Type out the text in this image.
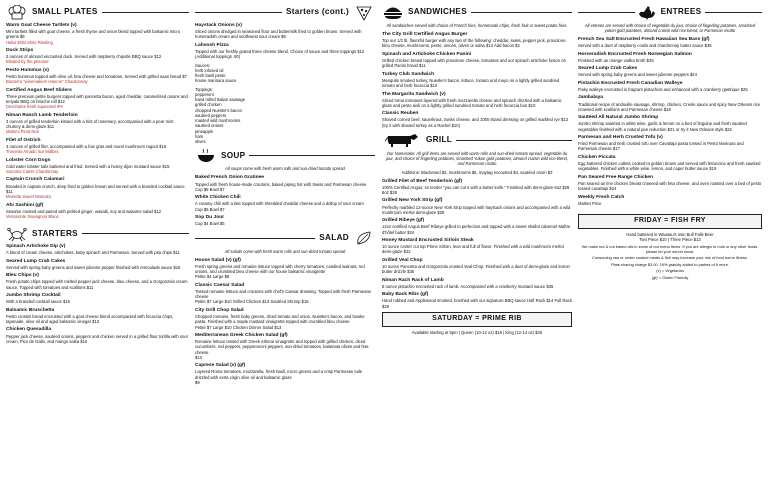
SMALL PLATES
Warm Goat Cheese Tartlets (v)
Mini tartlets filled with goat cheese, a fresh thyme and onion blend topped with balsamic micro greens $8
Helixi Ebbl Shire Riesling
Duck Strips
3 ounces of almond encrusted duck. Served with raspberry chipotle BBQ sauce $12
Blinded by the prisoner
Pesto Hummus (v)
Pesto hummus topped with olive oil, feta cheese and tomatoes. Served with grilled naan bread $7
Bonterra "winemakers reserve" Chardonnay
Certified Angus Beef Sliders
Three premium petite burgers topped with pancetta bacon, aged cheddar, caramelized onions and teriyaki BBQ on brioche roll $12
Deschutes fresh squeezed IPA
Niman Ranch Lamb Tenderloin
3 ounces of grilled tenderloin kissed with a hint of rosemary, accompanied with a pear mint chutney & demi-glaze $11
Malomi Pinot Noir
Filet of Ostrich
3 ounces of grilled filet, accompanied with a foie gras and morel mushroom ragout $16
Trovento Amado Sur Malbec
Lobster Corn Dogs
Cold water lobster tails battered and fried. Served with a honey dijon mustard sauce $15
Sonoma Cutrer Chardonnay
Captain Crunch Calamari
Breaded in captain crunch, deep fried to golden brown and served with a branded cocktail sauce $11
Monetta Sweet Moscato
Ahi Sashimi (gf)
Sesame crusted and paired with pickled ginger, wasabi, soy and wakame salad $12
Veramonte Sauvignon Blanc
STARTERS
Spinach Artichoke Dip (v)
A blend of cream cheese, artichokes, baby spinach and Parmesan. Served with pita chips $11
Seared Lump Crab Cakes
Served with spring baby greens and sweet julienne pepper finished with remoulade sauce $15
Bleu Chips (v)
Fresh potato chips topped with melted pepper jack cheese, bleu cheese, and a Gorgonzola cream sauce. Topped with tomatoes and scallions $11
Jumbo Shrimp Cocktail
With a branded cocktail sauce $15
Balsamic Bruschetta
Pesto crostini bread encrusted with a goat cheese blend accompanied with focaccia chips, tapenade, olive oil and aged balsamic vinegar $13
Chicken Quesadilla
Pepper jack cheese, sautéed onions, peppers and chicken served in a grilled flour tortilla with sour cream, Pico de Gallo, and mango salsa $10
Starters (cont.)
Haystack Onions (v)
Sliced onions dredged in seasoned flour and buttermilk fried to golden brown. Served with horseradish cream and southwest sour cream $6
Lahvosh Pizza
Topped with our freshly grated three cheese blend. Choice of sauce and three toppings $12 (Additional toppings .50)
Sauces:
herb infused oil
fresh basil pesto
house marinara sauce
Toppings:
pepperoni
hand rolled Italian sausage
grilled chicken
chopped Nueske's bacon
sautéed peppers
roasted wild mushrooms
sautéed onions
pineapple
ham
olives
SOUP
All soups come with fresh warm rolls and sun-dried tomato spread
Baked French Onion Gratinee
Topped with fresh house-made croutons, baked piping hot with Swiss and Parmesan cheese
Cup $5 Bowl $7
White Chicken Chili
A creamy chili with a bite topped with shredded cheddar cheese and a dollop of sour cream
Cup $5 Bowl $7
Sop Du Jour
Cup $4 Bowl $5
SALAD
All salads come with fresh warm rolls and sun-dried tomato spread
House Salad (v) (gf)
Fresh spring greens and romaine lettuce topped with cherry tomatoes, candied walnuts, red onions, and crumbled bleu cheese with our house balsamic vinaigrette
Petite $4 Large $8
Classic Caesar Salad
Tossed romaine lettuce and croutons with chef's Caesar dressing. Topped with fresh Parmesan cheese
Petite $7 Large $10 Grilled Chicken $13 Sautéed Shrimp $16
City Grill Chop Salad
Chopped romaine, fresh baby greens, diced tomato and onion, Nueske's bacon, and bowtie pasta. Finished with a maple mustard vinaigrette topped with crumbled bleu cheese
Petite $7 Large $10 Chicken Dinner Salad $13
Mediterranean Greek Chicken Salad (gf)
Romaine lettuce tossed with Greek Athena vinaigrette and topped with grilled chicken, diced cucumbers, red peppers, pepperoncini peppers, sun-dried tomatoes, kalamata olives and feta cheese
$13
Caprese Salad (v) (gf)
Layered Roma tomatoes, mozzarella, fresh basil, micro greens and a crisp Parmesan tuile drizzled with extra virgin olive oil and balsamic glaze
$9
SANDWICHES
All sandwiches served with choice of French fries, homemade chips, fresh fruit or sweet potato fries.
The City Grill Certified Angus Burger
Top our 1/2 lb. flavorful burger with any two of the following: cheddar, swiss, pepper jack, provolone, bleu cheese, mushrooms, pesto, onions, olives or salsa $13 Add bacon $2
Spinach and Artichoke Chicken Panini
Grilled chicken breast topped with provolone cheese, tomatoes and our spinach artichoke fusion on grilled Panini bread $11
Turkey Club Sandwich
Mesquite smoked turkey, Nueske's bacon, lettuce, tomato and mayo on a lightly grilled sundried tomato and herb focaccia $10
The Margarita Sandwich (v)
Sliced roma tomatoes layered with fresh mozzarella cheese and spinach drizzled with a balsamic glaze and pesto aioli on a lightly grilled sundried tomato and herb focaccia bun $10
Classic Reuben
Shaved corned beef, sauerkraut, Swiss cheese, and 1000 island dressing on grilled marbled rye $13 (try it with shaved turkey as a Rachel $10)
GRILL
Our Namesake: All grill items are served with warm rolls and sun-dried tomato spread, vegetable du jour, and choice of fingerling potatoes, smashed Yukon gold potatoes, almond craisin wild rice blend, and Parmesan risotto
Additions: Blackened $3, mushrooms $5, maytag encrusted $4, sautéed onion $3
Grilled Filet of Beef Tenderloin (gf)
100% Certified Angus, so tender "you can cut it with a butter knife." Finished with demi-glaze 6oz $28 8oz $35
Grilled New York Strip (gf)
Perfectly marbled 12-ounce New York Strip topped with haystack onions and accompanied with a wild mushroom merlot demi-glaze $28
Grilled Ribeye (gf)
12oz certified Angus Beef Ribeye grilled to perfection and topped with a sweet shallot cabernet Maître d'hôtel butter $24
Honey Mustard Encrusted Sirloin Steak
10 ounce center cut top Prime Sirloin, lean and full of flavor. Finished with a wild mushroom merlot demi-glaze $22
Grilled Veal Chop
10 ounce Pancetta and Gorgonzola crusted Veal Chop. Finished with a duet of demi-glaze and lemon butter drizzle $35
Niman Rach Rack of Lamb
8 ounce pistachio encrusted rack of lamb. Accompanied with a cranberry mustard sauce $35
Baby Back Ribs (gf)
Hand rubbed and Applewood smoked, brushed with our signature BBQ sauce Half Rack $14 Full Rack $28
SATURDAY = PRIME RIB
Available starting at 5pm | Queen (10-12 oz) $19 | King (12-14 oz) $25
ENTREES
All entrees are served with choice of vegetable du jour, choice of fingerling potatoes, smashed yukon gold potatoes, almond craisin wild rice blend, or Parmesan risotto
French Sea Salt Encrusted Fresh Hawaiian Sea Bass (gf)
Served with a duet of raspberry coulis and chardonnay butter sauce $36
Horseradish Encrusted Fresh Norwegian Salmon
Finished with an orange vodka broth $25
Seared Lump Crab Cakes
Served with spring baby greens and sweet julienne peppers $24
Pistachio Encrusted Fresh Canadian Walleye
Flaky walleye encrusted in fragrant pistachios and enhanced with a cranberry gastrique $25
Jambalaya
Traditional recipe of andouille sausage, shrimp, chicken, Creole sauce and spicy New Orleans rice crowned with scallions and Parmesan cheese $18
Sautéed All Natural Jumbo Shrimp
Jumbo shrimp sautéed in white wine, garlic & lemon on a bed of linguine and fresh sautéed vegetables finished with a natural pan reduction $21 or try it New Orleans style $22
Parmesan and Herb Crusted Tofu (v)
Fried Parmesan and herb crusted tofu over Cavattapi pasta tossed in Pesto Marinara and Parmesan cheese $17
Chicken Piccata
Egg battered chicken cutlets cooked to golden brown and served with fettuccine and fresh sautéed vegetables. Finished with a white wine, lemon, and caper butter sauce $19
Pan Seared Free Range Chicken
Pan seared air line chicken breast crowned with feta cheese, and oven roasted over a bed of pesto tossed cavattapi $24
Weekly Fresh Catch
Market Price
FRIDAY = FISH FRY
Hand battered in Wausau's own Bull Falls Beer
Two Piece $10 | Three Piece $13
We make nut & nut based oils in some of our menu items. If you are allergic to nuts or any other foods, please let your server know.
Consuming raw or under cooked meats & fish may increase your risk of food borne illness.
Plate sharing charge $3.00. 19% gratuity added to parties of 6 more.
(v) = Vegetarian
(gf) = Gluten Friendly
